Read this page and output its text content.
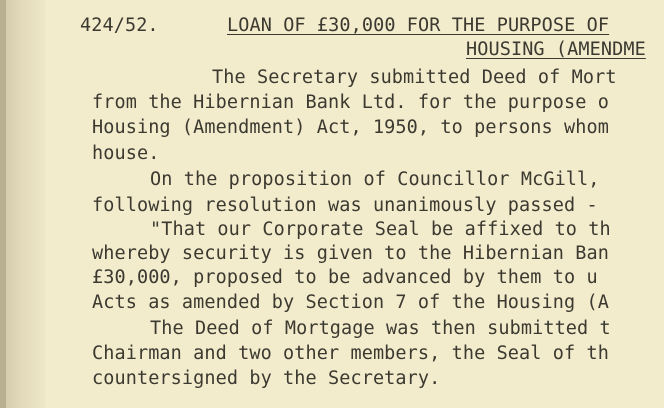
424/52.	LOAN OF £30,000 FOR THE PURPOSE OF
HOUSING (AMENDME
The Secretary submitted Deed of Mort
from the Hibernian Bank Ltd. for the purpose o
Housing (Amendment) Act, 1950, to persons whom
house.
On the proposition of Councillor McGill,
following resolution was unanimously passed -
"That our Corporate Seal be affixed to th
whereby security is given to the Hibernian Ban
£30,000, proposed to be advanced by them to u
Acts as amended by Section 7 of the Housing (A
The Deed of Mortgage was then submitted t
Chairman and two other members, the Seal of th
countersigned by the Secretary.
